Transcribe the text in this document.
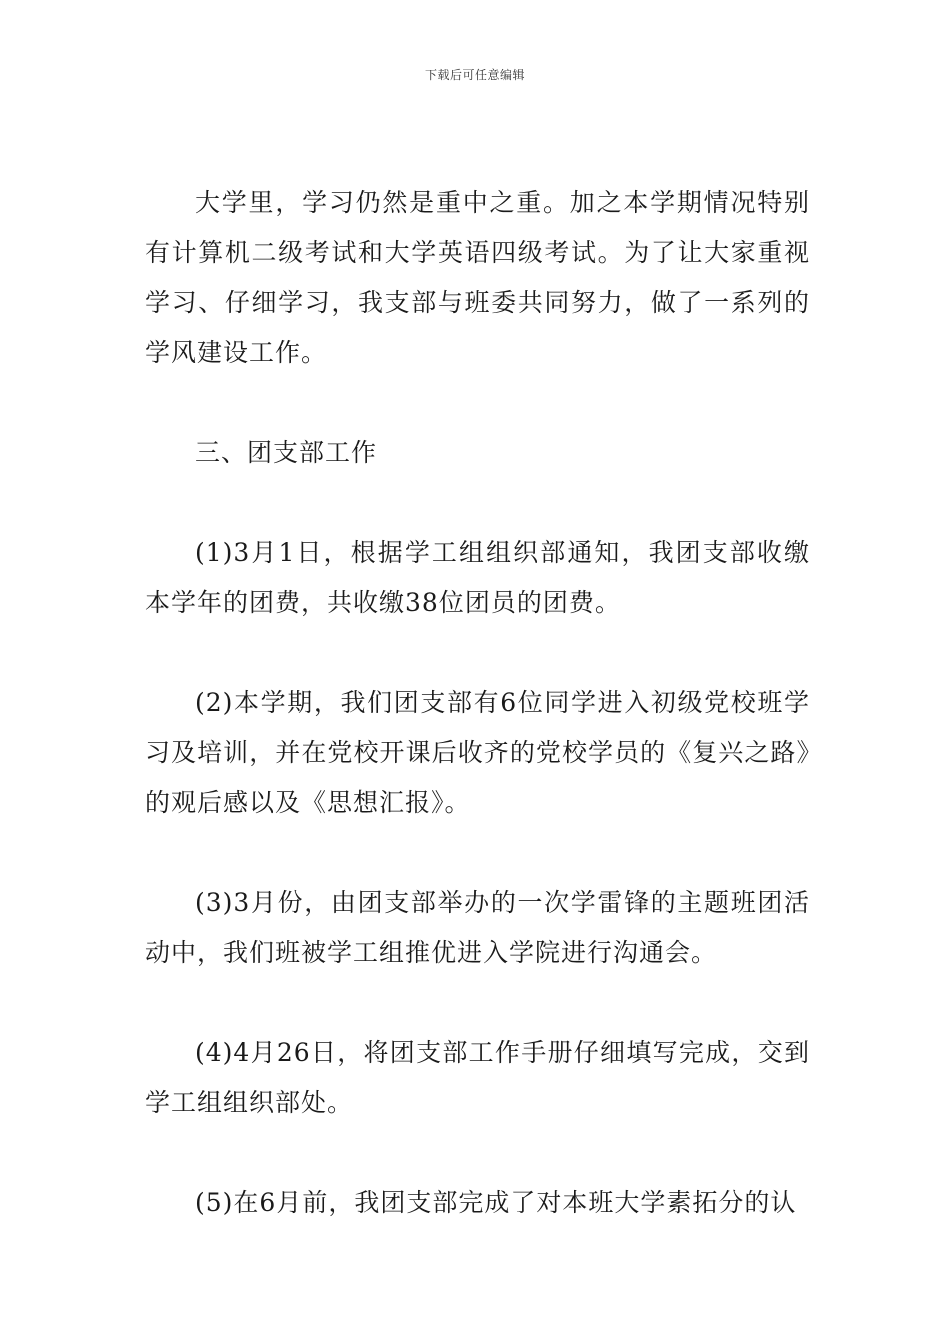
下载后可任意编辑

大学里，学习仍然是重中之重。加之本学期情况特别有计算机二级考试和大学英语四级考试。为了让大家重视学习、仔细学习，我支部与班委共同努力，做了一系列的学风建设工作。

三、团支部工作

(1)3月1日，根据学工组组织部通知，我团支部收缴本学年的团费，共收缴38位团员的团费。

(2)本学期，我们团支部有6位同学进入初级党校班学习及培训，并在党校开课后收齐的党校学员的《复兴之路》的观后感以及《思想汇报》。

(3)3月份，由团支部举办的一次学雷锋的主题班团活动中，我们班被学工组推优进入学院进行沟通会。

(4)4月26日，将团支部工作手册仔细填写完成，交到学工组组织部处。

(5)在6月前，我团支部完成了对本班大学素拓分的认
